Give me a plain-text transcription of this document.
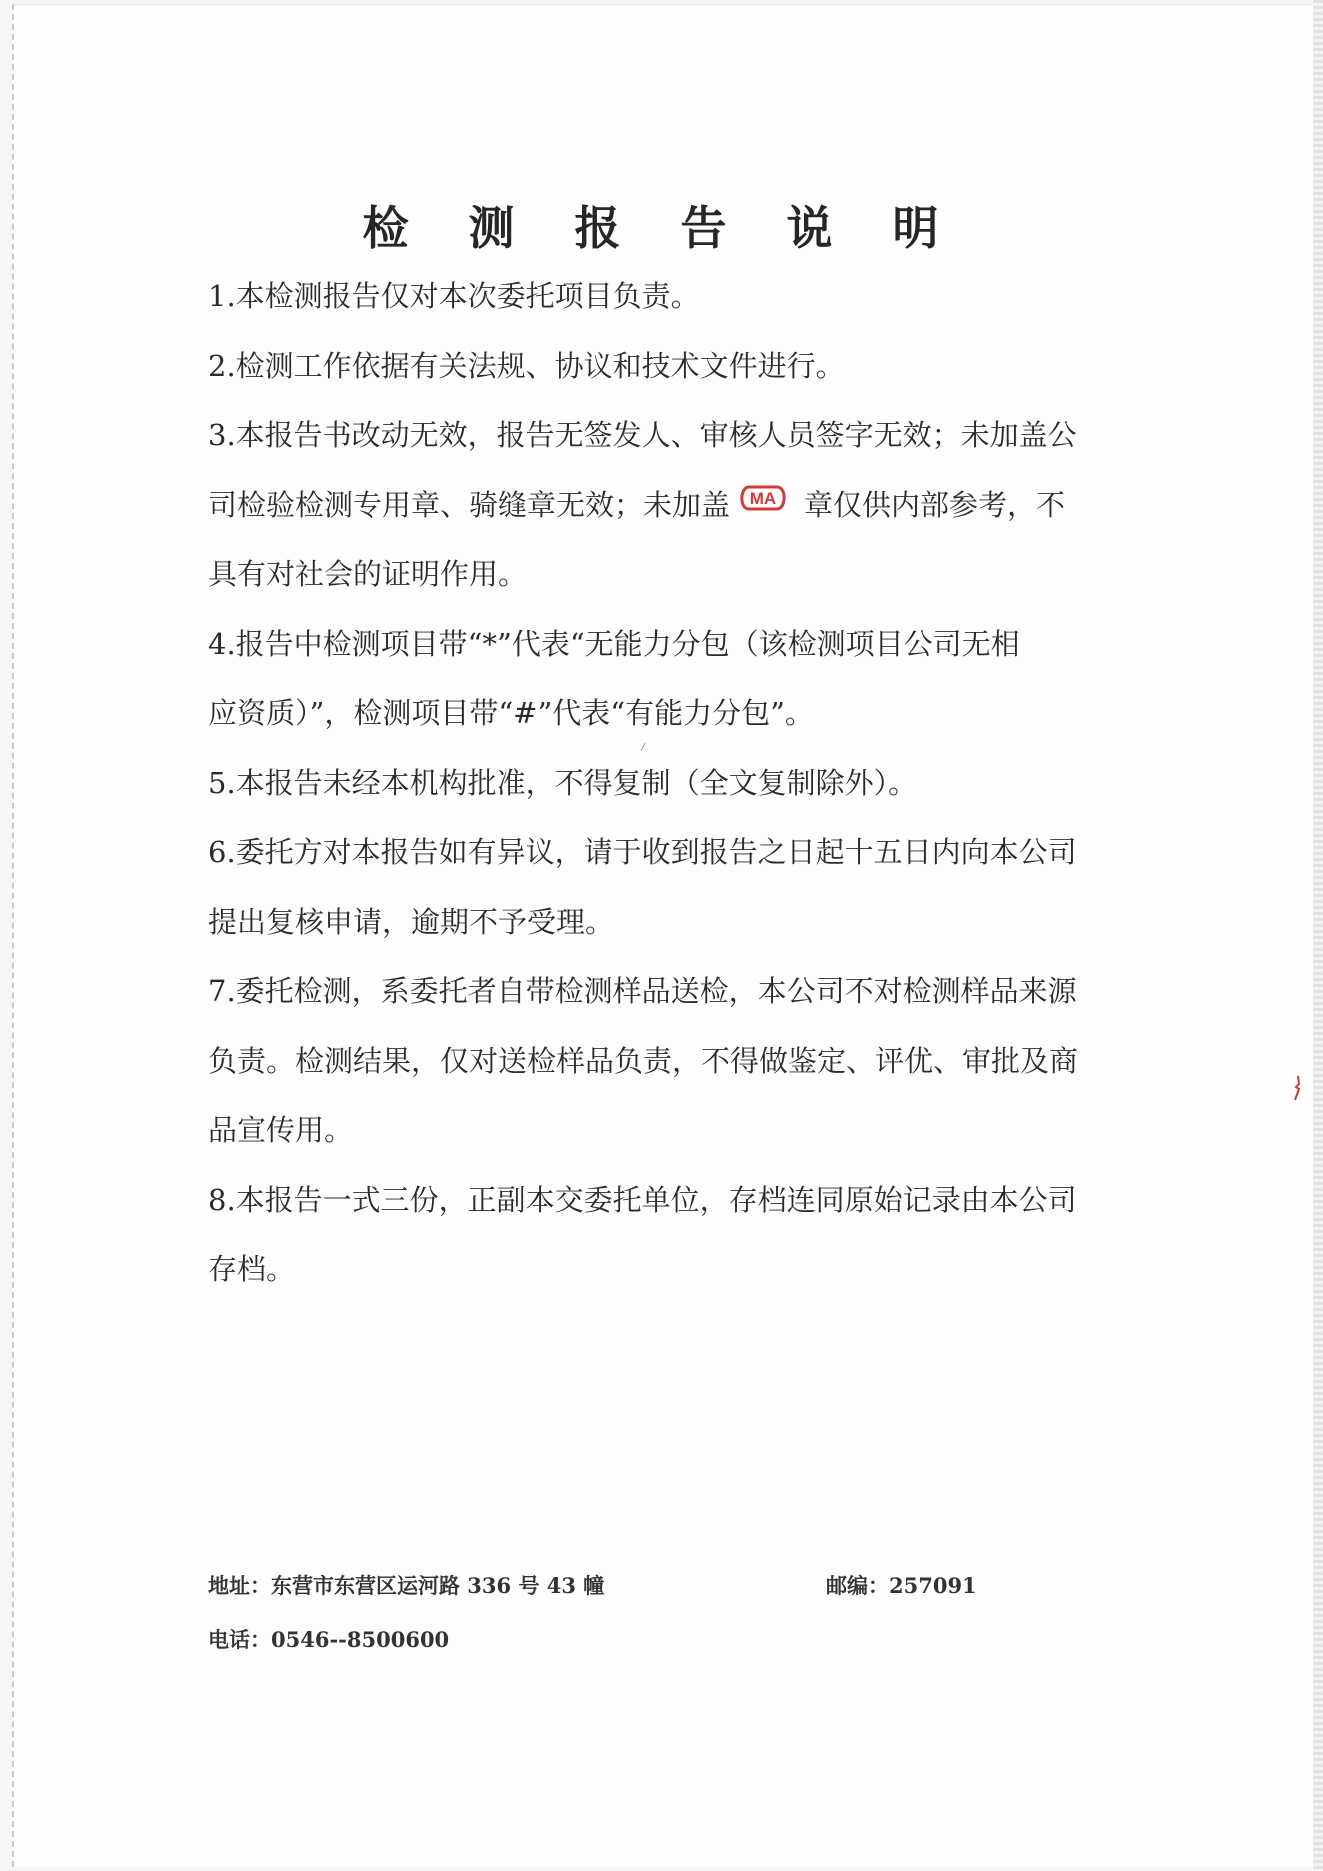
检 测 报 告 说 明

1.本检测报告仅对本次委托项目负责。

2.检测工作依据有关法规、协议和技术文件进行。

3.本报告书改动无效，报告无签发人、审核人员签字无效；未加盖公

司检验检测专用章、骑缝章无效；未加盖 MA 章仅供内部参考，不

具有对社会的证明作用。

4.报告中检测项目带“*”代表“无能力分包（该检测项目公司无相

应资质）”，检测项目带“#”代表“有能力分包”。

5.本报告未经本机构批准，不得复制（全文复制除外）。

6.委托方对本报告如有异议，请于收到报告之日起十五日内向本公司

提出复核申请，逾期不予受理。

7.委托检测，系委托者自带检测样品送检，本公司不对检测样品来源

负责。检测结果，仅对送检样品负责，不得做鉴定、评优、审批及商

品宣传用。

8.本报告一式三份，正副本交委托单位，存档连同原始记录由本公司

存档。

地址：东营市东营区运河路 336 号 43 幢	邮编：257091
电话：0546--8500600
